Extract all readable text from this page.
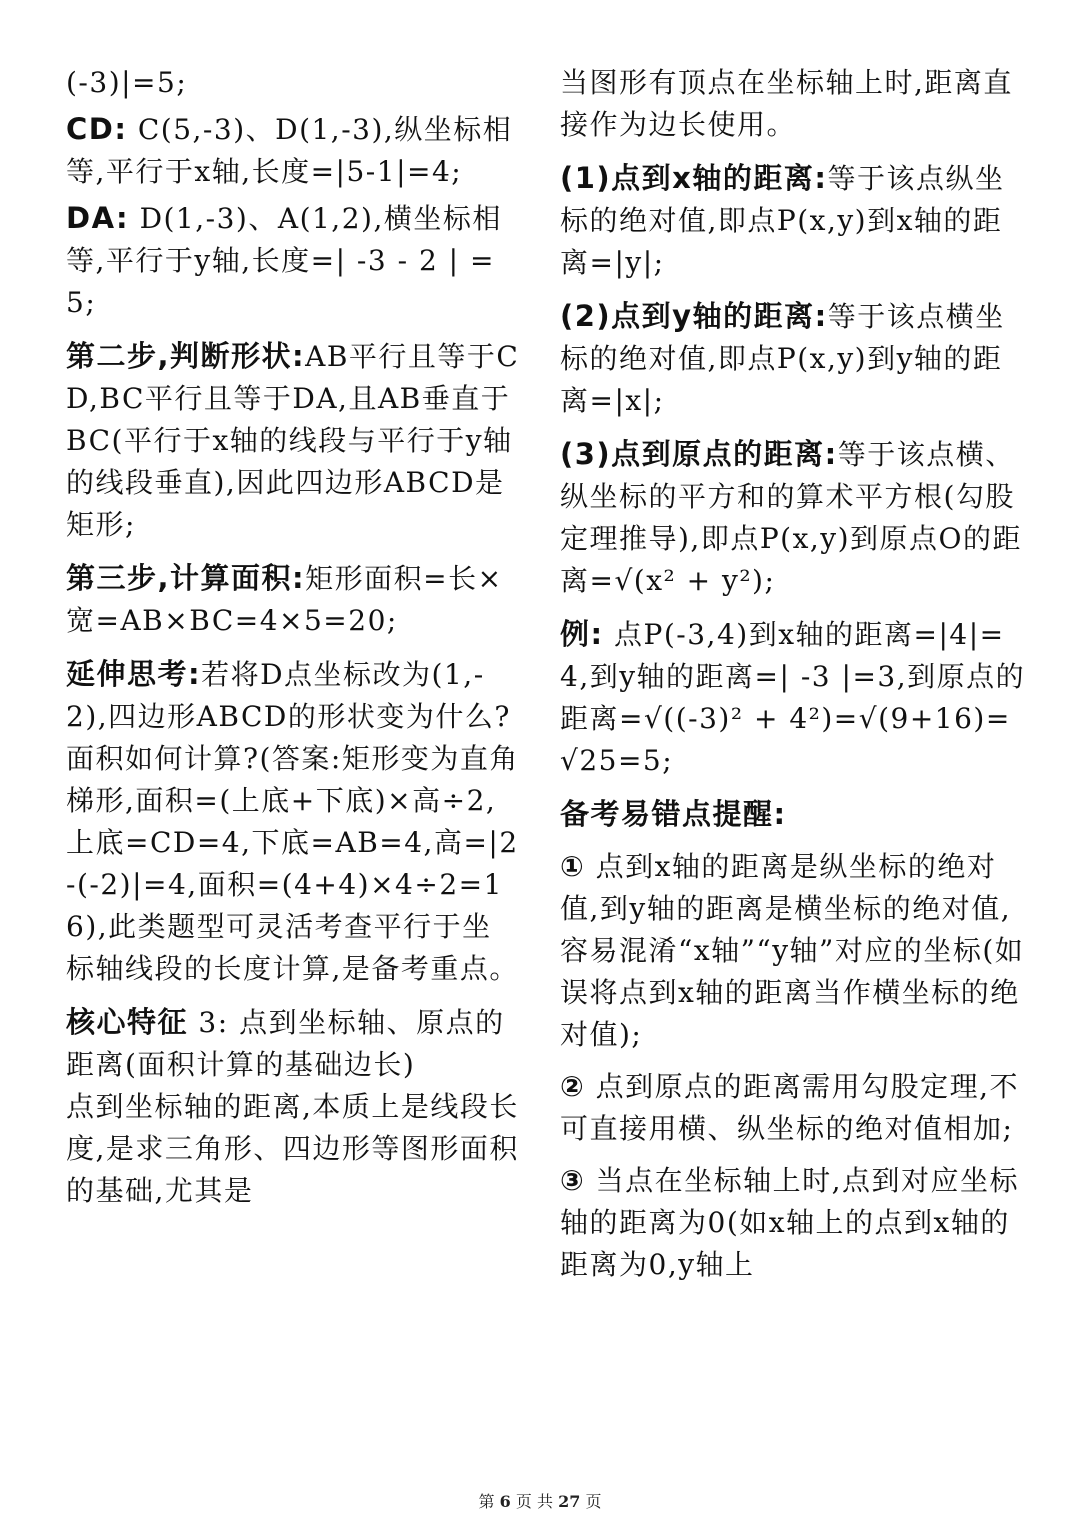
(-3)|=5;

CD: C(5,-3)、D(1,-3),纵坐标相等,平行于x轴,长度=|5-1|=4;

DA: D(1,-3)、A(1,2),横坐标相等,平行于y轴,长度=| -3 - 2 | =5;

第二步,判断形状:AB平行且等于CD,BC平行且等于DA,且AB垂直于BC(平行于x轴的线段与平行于y轴的线段垂直),因此四边形ABCD是矩形;

第三步,计算面积:矩形面积=长×宽=AB×BC=4×5=20;

延伸思考:若将D点坐标改为(1,-2),四边形ABCD的形状变为什么?面积如何计算?(答案:矩形变为直角梯形,面积=(上底+下底)×高÷2,上底=CD=4,下底=AB=4,高=|2 -(-2)|=4,面积=(4+4)×4÷2=16),此类题型可灵活考查平行于坐标轴线段的长度计算,是备考重点。

核心特征 3: 点到坐标轴、原点的距离(面积计算的基础边长)

点到坐标轴的距离,本质上是线段长度,是求三角形、四边形等图形面积的基础,尤其是

当图形有顶点在坐标轴上时,距离直接作为边长使用。

(1)点到x轴的距离:等于该点纵坐标的绝对值,即点P(x,y)到x轴的距离=|y|;

(2)点到y轴的距离:等于该点横坐标的绝对值,即点P(x,y)到y轴的距离=|x|;

(3)点到原点的距离:等于该点横、纵坐标的平方和的算术平方根(勾股定理推导),即点P(x,y)到原点O的距离=√(x² + y²);

例: 点P(-3,4)到x轴的距离=|4|=4,到y轴的距离=| -3 |=3,到原点的距离=√((-3)² + 4²)=√(9+16)=√25=5;

备考易错点提醒:

① 点到x轴的距离是纵坐标的绝对值,到y轴的距离是横坐标的绝对值,容易混淆“x轴”“y轴”对应的坐标(如误将点到x轴的距离当作横坐标的绝对值);

② 点到原点的距离需用勾股定理,不可直接用横、纵坐标的绝对值相加;

③ 当点在坐标轴上时,点到对应坐标轴的距离为0(如x轴上的点到x轴的距离为0,y轴上

第 6 页 共 27 页
